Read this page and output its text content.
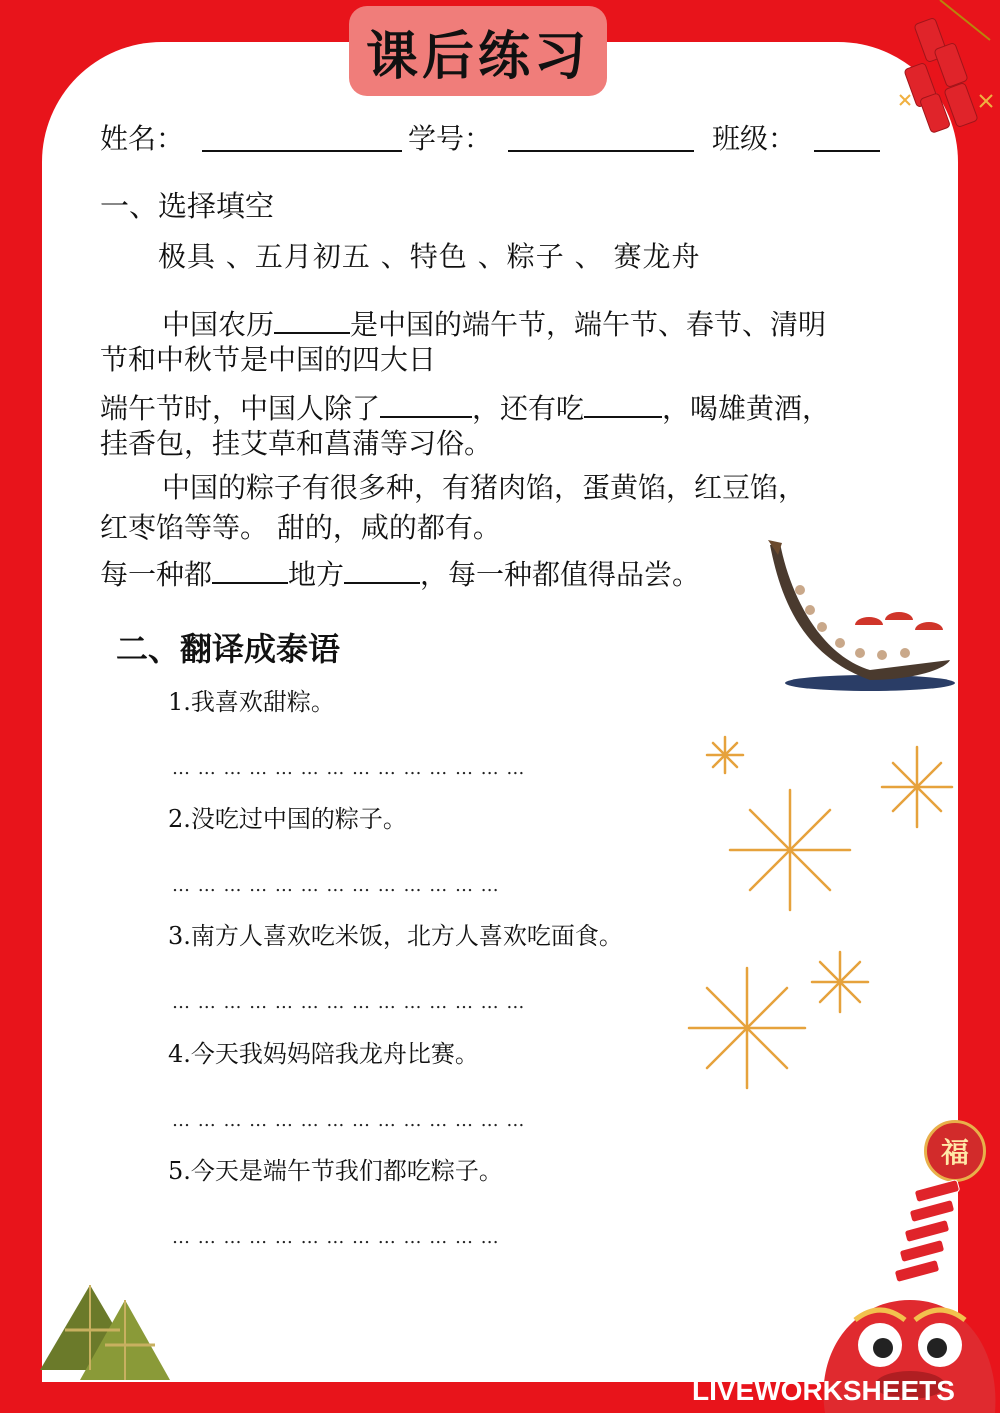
课后练习
姓名：	学号：	班级：
一、选择填空
极具 、五月初五 、特色 、粽子 、 赛龙舟
中国农历	是中国的端午节，端午节、春节、清明
节和中秋节是中国的四大日
端午节时，中国人除了	，还有吃	，喝雄黄酒，
挂香包，挂艾草和菖蒲等习俗。
中国的粽子有很多种，有猪肉馅，蛋黄馅，红豆馅，
红枣馅等等。 甜的，咸的都有。
每一种都	地方	，每一种都值得品尝。
二、翻译成泰语
1.我喜欢甜粽。
… … … … … … … … … … … … … …
2.没吃过中国的粽子。
… … … … … … … … … … … … …
3.南方人喜欢吃米饭，北方人喜欢吃面食。
… … … … … … … … … … … … … …
4.今天我妈妈陪我龙舟比赛。
… … … … … … … … … … … … … …
5.今天是端午节我们都吃粽子。
… … … … … … … … … … … … …
福
LIVEWORKSHEETS
